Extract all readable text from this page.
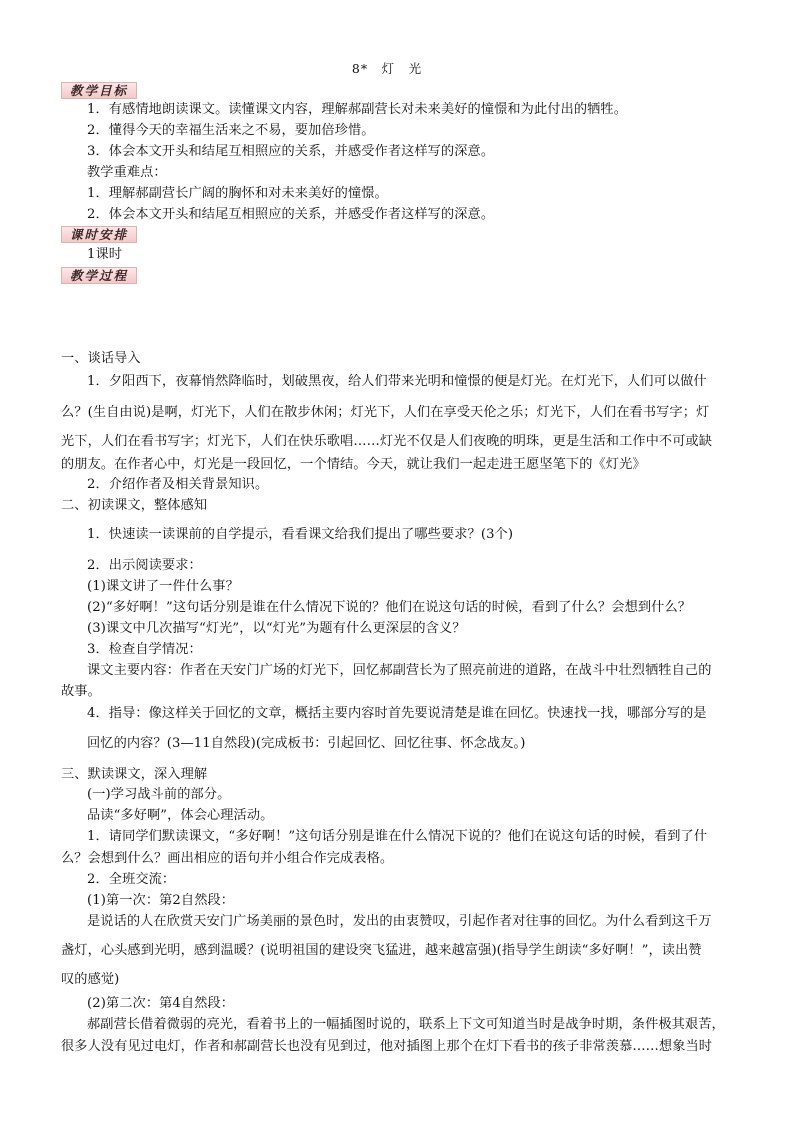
8*　灯　光
教学目标
1．有感情地朗读课文。读懂课文内容，理解郝副营长对未来美好的憧憬和为此付出的牺牲。
2．懂得今天的幸福生活来之不易，要加倍珍惜。
3．体会本文开头和结尾互相照应的关系，并感受作者这样写的深意。
教学重难点：
1．理解郝副营长广阔的胸怀和对未来美好的憧憬。
2．体会本文开头和结尾互相照应的关系，并感受作者这样写的深意。
课时安排
1课时
教学过程
一、谈话导入
1．夕阳西下，夜幕悄然降临时，划破黑夜，给人们带来光明和憧憬的便是灯光。在灯光下，人们可以做什
么？(生自由说)是啊，灯光下，人们在散步休闲；灯光下，人们在享受天伦之乐；灯光下，人们在看书写字；灯
光下，人们在看书写字；灯光下，人们在快乐歌唱……灯光不仅是人们夜晚的明珠，更是生活和工作中不可或缺
的朋友。在作者心中，灯光是一段回忆，一个情结。今天，就让我们一起走进王愿坚笔下的《灯光》
2．介绍作者及相关背景知识。
二、初读课文，整体感知
1．快速读一读课前的自学提示，看看课文给我们提出了哪些要求？(3个)
2．出示阅读要求：
(1)课文讲了一件什么事？
(2)“多好啊！”这句话分别是谁在什么情况下说的？他们在说这句话的时候，看到了什么？会想到什么？
(3)课文中几次描写“灯光”，以“灯光”为题有什么更深层的含义？
3．检查自学情况：
课文主要内容：作者在天安门广场的灯光下，回忆郝副营长为了照亮前进的道路，在战斗中壮烈牺牲自己的
故事。
4．指导：像这样关于回忆的文章，概括主要内容时首先要说清楚是谁在回忆。快速找一找，哪部分写的是
回忆的内容？(3—11自然段)(完成板书：引起回忆、回忆往事、怀念战友。)
三、默读课文，深入理解
(一)学习战斗前的部分。
品读“多好啊”，体会心理活动。
1．请同学们默读课文，“多好啊！”这句话分别是谁在什么情况下说的？他们在说这句话的时候，看到了什
么？会想到什么？画出相应的语句并小组合作完成表格。
2．全班交流：
(1)第一次：第2自然段：
是说话的人在欣赏天安门广场美丽的景色时，发出的由衷赞叹，引起作者对往事的回忆。为什么看到这千万
盏灯，心头感到光明，感到温暖？(说明祖国的建设突飞猛进，越来越富强)(指导学生朗读“多好啊！”，读出赞
叹的感觉)
(2)第二次：第4自然段：
郝副营长借着微弱的亮光，看着书上的一幅插图时说的，联系上下文可知道当时是战争时期，条件极其艰苦，
很多人没有见过电灯，作者和郝副营长也没有见到过，他对插图上那个在灯下看书的孩子非常羡慕……想象当时
